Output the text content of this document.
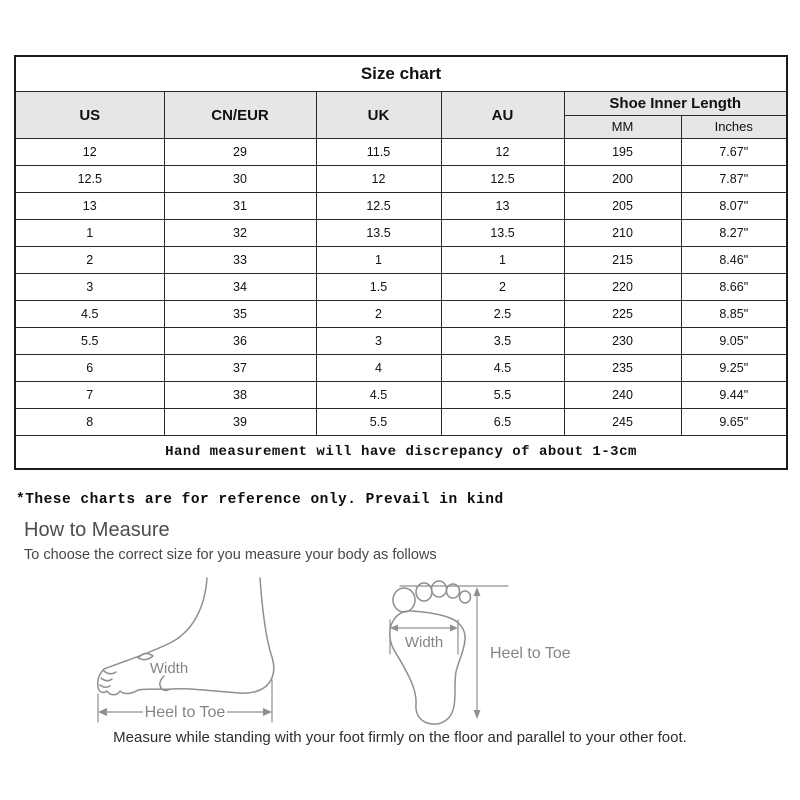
Size chart					
US	CN/EUR	UK	AU	Shoe Inner Length	
				MM	Inches
12	29	11.5	12	195	7.67"
12.5	30	12	12.5	200	7.87"
13	31	12.5	13	205	8.07"
1	32	13.5	13.5	210	8.27"
2	33	1	1	215	8.46"
3	34	1.5	2	220	8.66"
4.5	35	2	2.5	225	8.85"
5.5	36	3	3.5	230	9.05"
6	37	4	4.5	235	9.25"
7	38	4.5	5.5	240	9.44"
8	39	5.5	6.5	245	9.65"
Hand measurement will have discrepancy of about 1-3cm					
*These charts are for reference only. Prevail in kind
How to Measure
To choose the correct size for you measure your body as follows
Heel to Toe
Width
Width
Heel to Toe
Measure while standing with your foot firmly on the floor and parallel to your other foot.
